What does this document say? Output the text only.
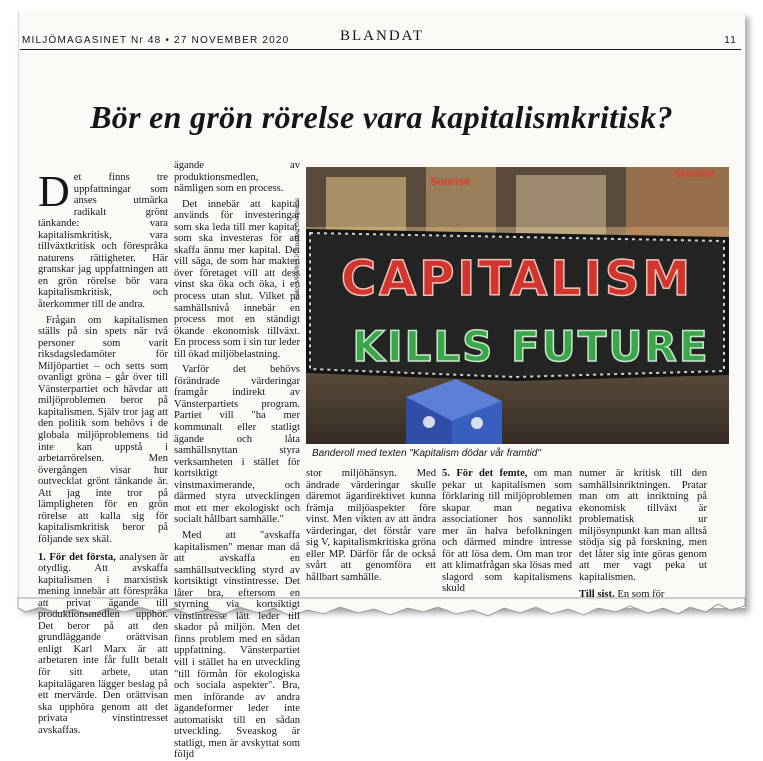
MILJÖMAGASINET Nr 48 • 27 NOVEMBER 2020	BLANDAT	11
Bör en grön rörelse vara kapitalismkritisk?

Det finns tre uppfattningar som anses utmärka radikalt grönt tänkande: vara kapitalismkritisk, vara tillväxtkritisk och förespråka naturens rättigheter. Här granskar jag uppfattningen att en grön rörelse bör vara kapitalismkritisk, och återkommer till de andra.

Frågan om kapitalismen ställs på sin spets när två personer som varit riksdagsledamöter för Miljöpartiet – och setts som ovanligt gröna – går över till Vänsterpartiet och hävdar att miljöproblemen beror på kapitalismen. Själv tror jag att den politik som behövs i de globala miljöproblemens tid inte kan uppstå i arbetarrörelsen. Men övergången visar hur outvecklat grönt tänkande är. Att jag inte tror på lämpligheten för en grön rörelse att kalla sig för kapitalismkritisk beror på följande sex skäl.

1. För det första, analysen är otydlig. Att avskaffa kapitalismen i marxistisk mening innebär att förespråka att privat ägande till produktionsmedlen upphör. Det beror på att den grundläggande orättvisan enligt Karl Marx är att arbetaren inte får fullt betalt för sitt arbete, utan kapitalägaren lägger beslag på ett mervärde. Den orättvisan ska upphöra genom att det privata vinstintresset avskaffas.

ägande av produktionsmedlen, nämligen som en process.

Det innebär att kapital används för investeringar som ska leda till mer kapital, som ska investeras för att skaffa ännu mer kapital. Det vill säga, de som har makten över företaget vill att dess vinst ska öka och öka, i en process utan slut. Vilket på samhällsnivå innebär en process mot en ständigt ökande ekonomisk tillväxt. En process som i sin tur leder till ökad miljöbelastning.

Varför det behövs förändrade värderingar framgår indirekt av Vänsterpartiets program. Partiet vill "ha mer kommunalt eller statligt ägande och låta samhällsnyttan styra verksamheten i stället för kortsiktigt vinstmaximerande, och därmed styra utvecklingen mot ett mer ekologiskt och socialt hållbart samhälle."

Med att "avskaffa kapitalismen" menar man då att avskaffa en samhällsutveckling styrd av kortsiktigt vinstintresse. Det låter bra, eftersom en styrning via kortsiktigt vinstintresse lätt leder till skador på miljön. Men det finns problem med en sådan uppfattning. Vänsterpartiet vill i stället ha en utveckling "till förmån för ekologiska och sociala aspekter". Bra, men införande av andra ägandeformer leder inte automatiskt till en sådan utveckling. Sveaskog är statligt, men är avskyttat som följd

Sunrise
Sunrise
CAPITALISM
KILLS FUTURE
Foto: MPMMSJ/Creative Commons
Banderoll med texten "Kapitalism dödar vår framtid"

stor miljöhänsyn. Med ändrade värderingar skulle däremot ägardirektivet kunna främja miljöaspekter före vinst. Men vikten av att ändra värderingar, det förstår vare sig V, kapitalismkritiska gröna eller MP. Därför får de också svårt att genomföra ett hållbart samhälle.

5. För det femte, om man pekar ut kapitalismen som förklaring till miljöproblemen skapar man negativa associationer hos sannolikt mer än halva befolkningen och därmed mindre intresse för att lösa dem. Om man tror att klimatfrågan ska lösas med slagord som kapitalismens skuld

numer är kritisk till den samhällsinriktningen. Pratar man om att inriktning på ekonomisk tillväxt är problematisk ur miljösynpunkt kan man alltså stödja sig på forskning, men det låter sig inte göras genom att mer vagt peka ut kapitalismen.

Till sist. En som för
